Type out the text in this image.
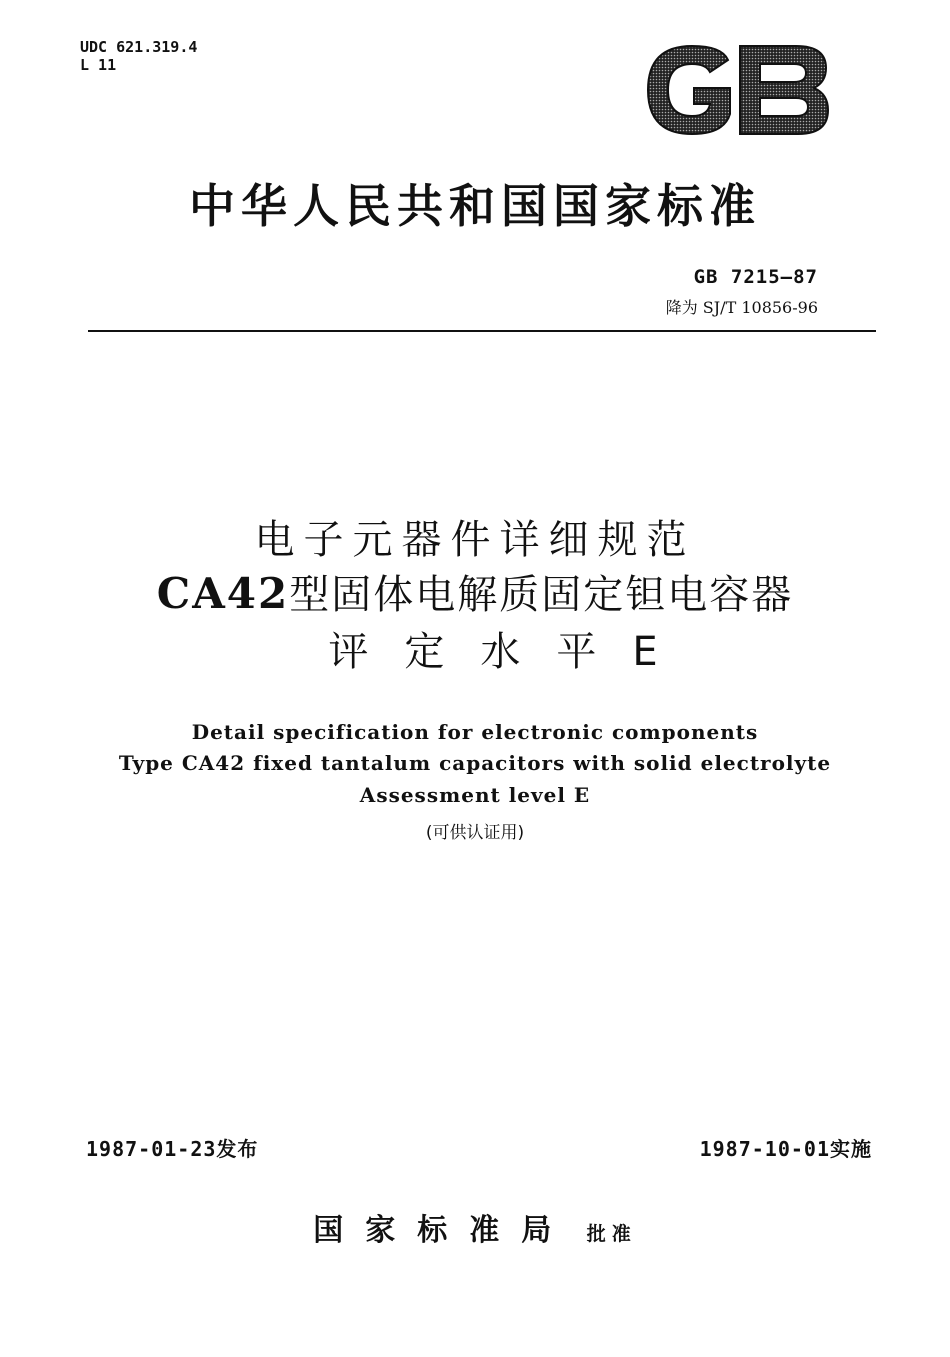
UDC 621.319.4
L 11
中华人民共和国国家标准
GB 7215—87
降为 SJ/T 10856-96
电子元器件详细规范
CA42型固体电解质固定钽电容器
评定水平E
Detail specification for electronic components
Type CA42 fixed tantalum capacitors with solid electrolyte
Assessment level E
(可供认证用)
1987-01-23发布	1987-10-01实施
国家标准局 批准
